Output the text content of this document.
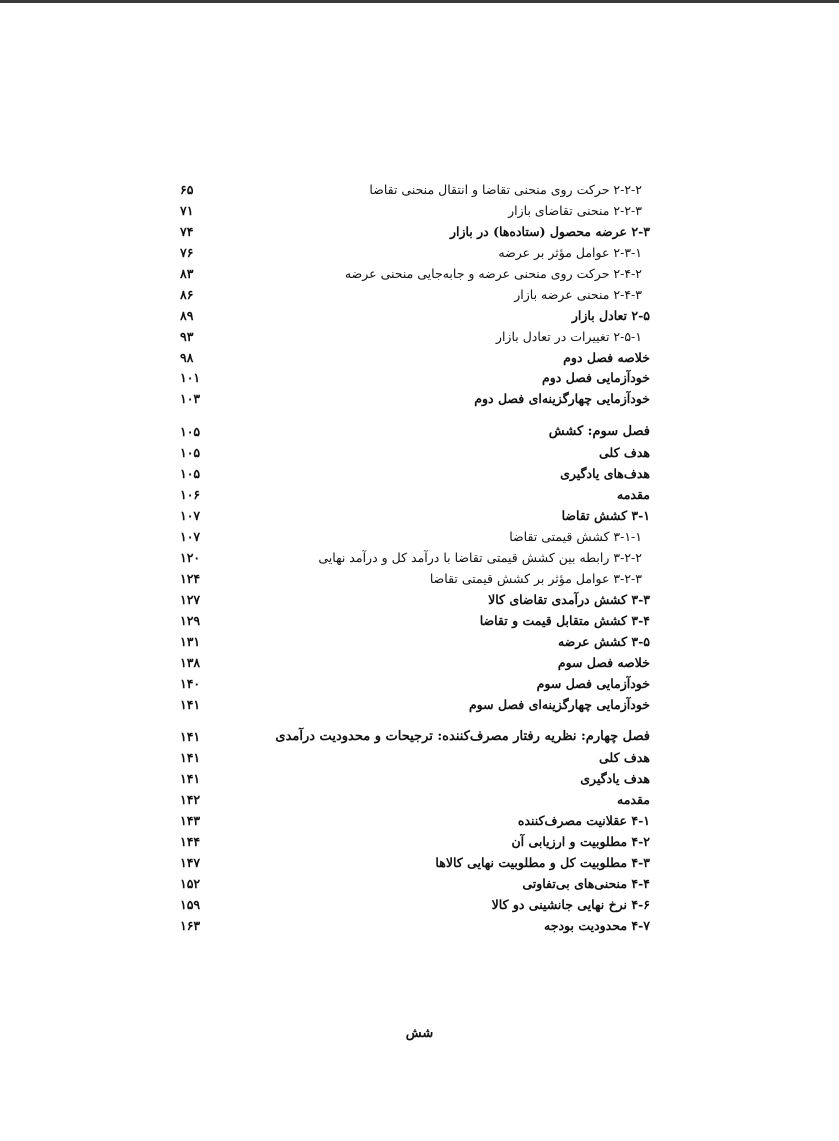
۲-۲-۲ حرکت روی منحنی تقاضا و انتقال منحنی تقاضا
۶۵
۲-۲-۳ منحنی تقاضای بازار
۷۱
۲-۳ عرضه محصول (ستاده‌ها) در بازار
۷۴
۲-۳-۱ عوامل مؤثر بر عرضه
۷۶
۲-۴-۲ حرکت روی منحنی عرضه و جابه‌جایی منحنی عرضه
۸۳
۲-۴-۳ منحنی عرضه بازار
۸۶
۲-۵ تعادل بازار
۸۹
۲-۵-۱ تغییرات در تعادل بازار
۹۳
خلاصه فصل دوم
۹۸
خودآزمایی فصل دوم
۱۰۱
خودآزمایی چهارگزینه‌ای فصل دوم
۱۰۳
فصل سوم: کشش
۱۰۵
هدف کلی
۱۰۵
هدف‌های یادگیری
۱۰۵
مقدمه
۱۰۶
۳-۱ کشش تقاضا
۱۰۷
۳-۱-۱ کشش قیمتی تقاضا
۱۰۷
۳-۲-۲ رابطه بین کشش قیمتی تقاضا با درآمد کل و درآمد نهایی
۱۲۰
۳-۲-۳ عوامل مؤثر بر کشش قیمتی تقاضا
۱۲۴
۳-۳ کشش درآمدی تقاضای کالا
۱۲۷
۳-۴ کشش متقابل قیمت و تقاضا
۱۲۹
۳-۵ کشش عرضه
۱۳۱
خلاصه فصل سوم
۱۳۸
خودآزمایی فصل سوم
۱۴۰
خودآزمایی چهارگزینه‌ای فصل سوم
۱۴۱
فصل چهارم: نظریه رفتار مصرف‌کننده: ترجیحات و محدودیت درآمدی
۱۴۱
هدف کلی
۱۴۱
هدف یادگیری
۱۴۱
مقدمه
۱۴۲
۴-۱ عقلانیت مصرف‌کننده
۱۴۳
۴-۲ مطلوبیت و ارزیابی آن
۱۴۴
۴-۳ مطلوبیت کل و مطلوبیت نهایی کالاها
۱۴۷
۴-۴ منحنی‌های بی‌تفاوتی
۱۵۲
۴-۶ نرخ نهایی جانشینی دو کالا
۱۵۹
۴-۷ محدودیت بودجه
۱۶۳
شش
